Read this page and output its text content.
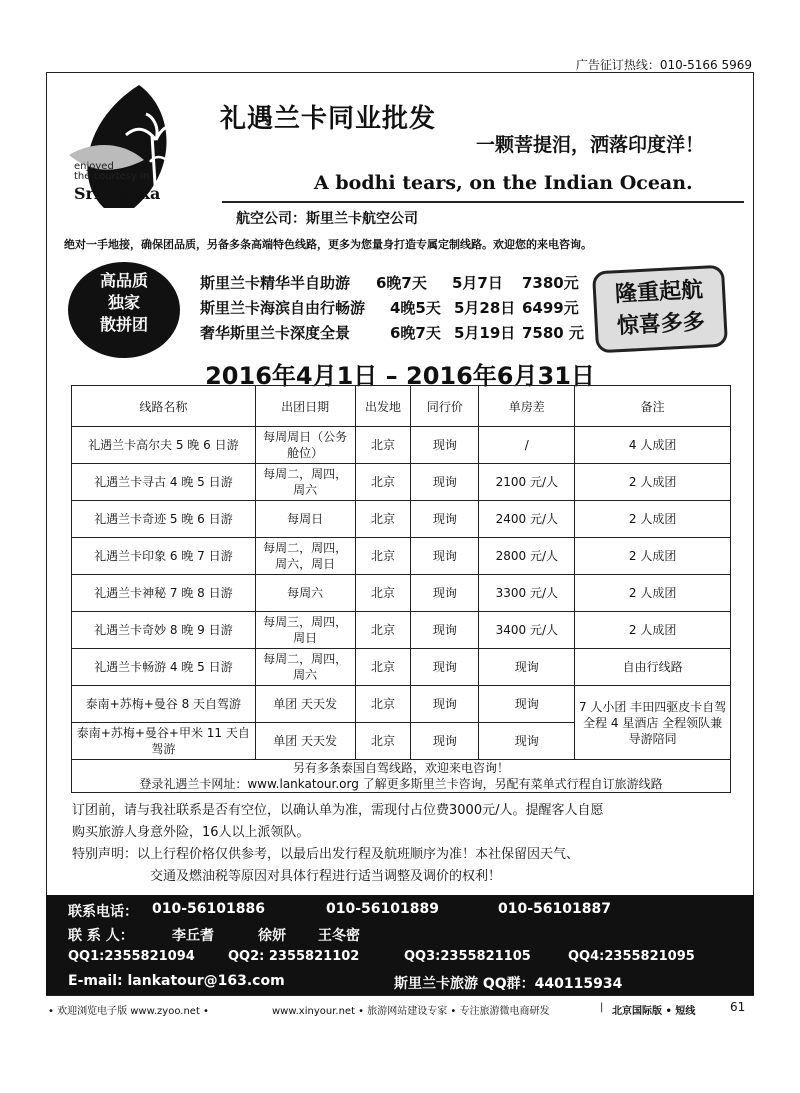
广告征订热线：010-5166 5969
enjoyed
the courtesy in
Sri Lanka
礼遇兰卡同业批发
一颗菩提泪，洒落印度洋！
A bodhi tears, on the Indian Ocean.
航空公司：斯里兰卡航空公司
绝对一手地接，确保团品质，另备多条高端特色线路，更多为您量身打造专属定制线路。欢迎您的来电咨询。
高品质
独家
散拼团
斯里兰卡精华半自助游 6晚7天 5月7日 7380元
斯里兰卡海滨自由行畅游 4晚5天 5月28日 6499元
奢华斯里兰卡深度全景	6晚7天 5月19日 7580 元
隆重起航
惊喜多多
2016年4月1日 – 2016年6月31日
线路名称	出团日期	出发地	同行价	单房差	备注
礼遇兰卡高尔夫 5 晚 6 日游	每周周日（公务舱位）	北京	现询	/	4 人成团
礼遇兰卡寻古 4 晚 5 日游	每周二，周四，周六	北京	现询	2100 元/人	2 人成团
礼遇兰卡奇迹 5 晚 6 日游	每周日	北京	现询	2400 元/人	2 人成团
礼遇兰卡印象 6 晚 7 日游	每周二，周四，周六，周日	北京	现询	2800 元/人	2 人成团
礼遇兰卡神秘 7 晚 8 日游	每周六	北京	现询	3300 元/人	2 人成团
礼遇兰卡奇妙 8 晚 9 日游	每周三，周四，周日	北京	现询	3400 元/人	2 人成团
礼遇兰卡畅游 4 晚 5 日游	每周二，周四，周六	北京	现询	现询	自由行线路
泰南+苏梅+曼谷 8 天自驾游	单团 天天发	北京	现询	现询	7 人小团 丰田四驱皮卡自驾 全程 4 星酒店 全程领队兼导游陪同
泰南+苏梅+曼谷+甲米 11 天自驾游	单团 天天发	北京	现询	现询	

另有多条泰国自驾线路，欢迎来电咨询！
登录礼遇兰卡网址：www.lankatour.org 了解更多斯里兰卡咨询，另配有菜单式行程自订旅游线路					
订团前，请与我社联系是否有空位，以确认单为准，需现付占位费3000元/人。提醒客人自愿
购买旅游人身意外险，16人以上派领队。
特别声明：以上行程价格仅供参考，以最后出发行程及航班顺序为准！本社保留因天气、
交通及燃油税等原因对具体行程进行适当调整及调价的权利！
联系电话： 010-56101886	010-56101889	010-56101887
联 系 人：	李丘耆	徐妍 王冬密
QQ1:2355821094	QQ2: 2355821102	QQ3:2355821105	QQ4:2355821095
E-mail: lankatour@163.com	斯里兰卡旅游 QQ群：440115934
• 欢迎浏览电子版 www.zyoo.net •	www.xinyour.net • 旅游网站建设专家 • 专注旅游微电商研发	| 北京国际版 • 短线	61
